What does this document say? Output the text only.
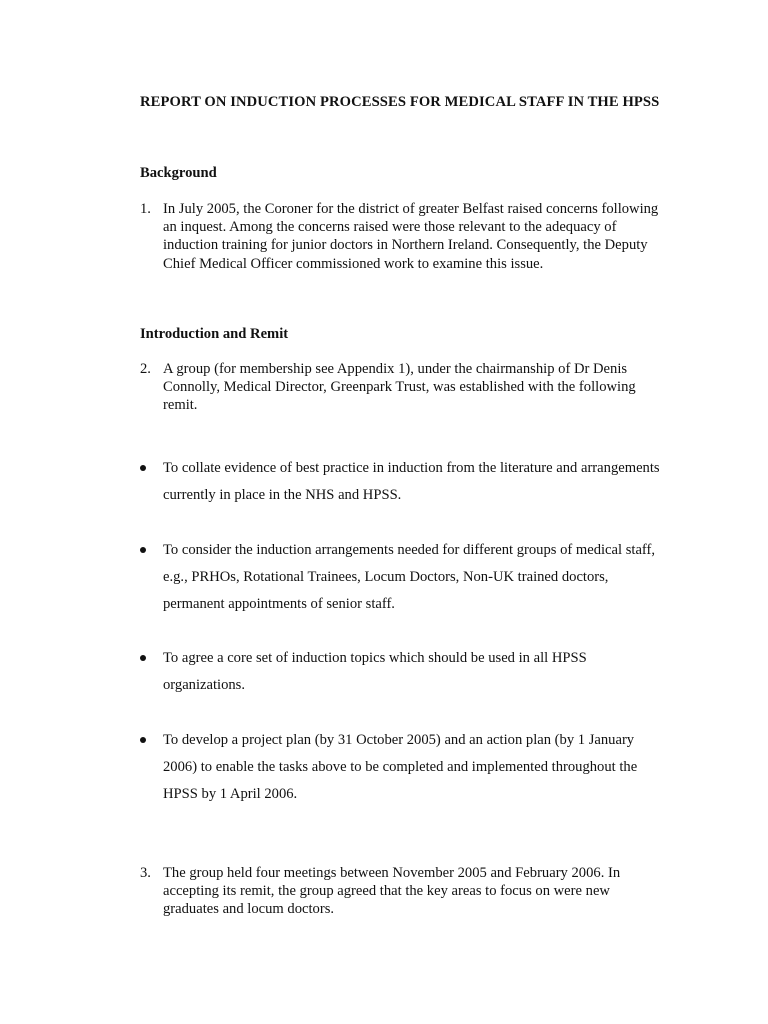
REPORT ON INDUCTION PROCESSES FOR MEDICAL STAFF IN THE HPSS
Background
1. In July 2005, the Coroner for the district of greater Belfast raised concerns following an inquest. Among the concerns raised were those relevant to the adequacy of induction training for junior doctors in Northern Ireland. Consequently, the Deputy Chief Medical Officer commissioned work to examine this issue.
Introduction and Remit
2. A group (for membership see Appendix 1), under the chairmanship of Dr Denis Connolly, Medical Director, Greenpark Trust, was established with the following remit.
To collate evidence of best practice in induction from the literature and arrangements currently in place in the NHS and HPSS.
To consider the induction arrangements needed for different groups of medical staff, e.g., PRHOs, Rotational Trainees, Locum Doctors, Non-UK trained doctors, permanent appointments of senior staff.
To agree a core set of induction topics which should be used in all HPSS organizations.
To develop a project plan (by 31 October 2005) and an action plan (by 1 January 2006) to enable the tasks above to be completed and implemented throughout the HPSS by 1 April 2006.
3. The group held four meetings between November 2005 and February 2006. In accepting its remit, the group agreed that the key areas to focus on were new graduates and locum doctors.
